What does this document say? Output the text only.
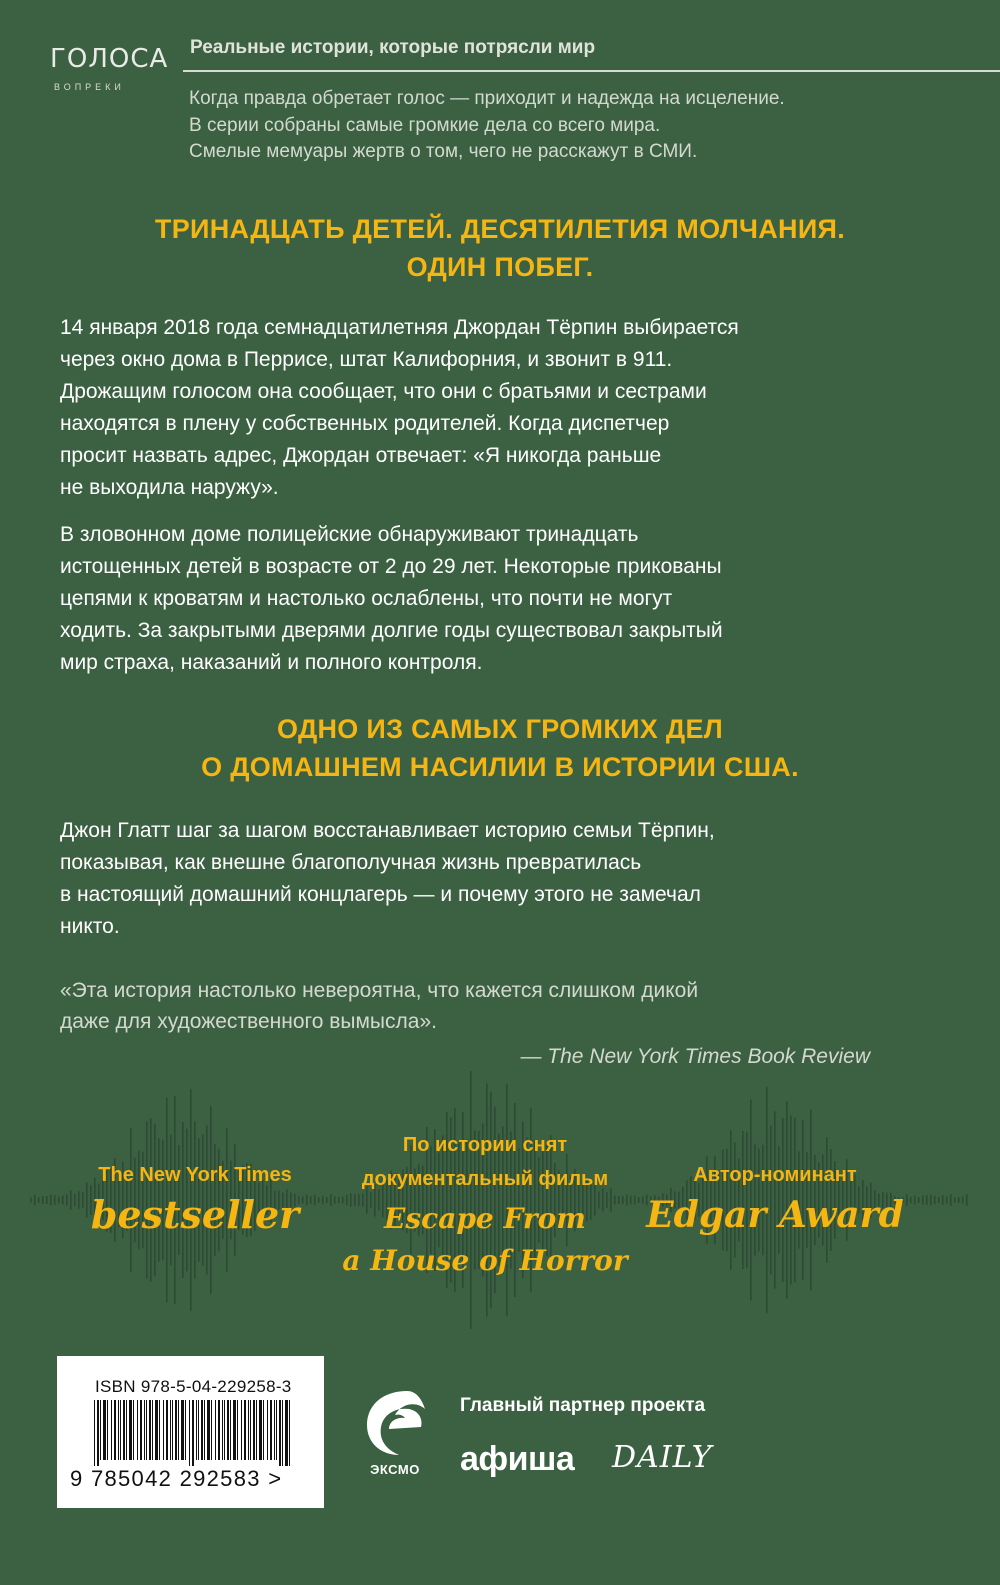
ГОЛОСА
ВОПРЕКИ
Реальные истории, которые потрясли мир
Когда правда обретает голос — приходит и надежда на исцеление.
В серии собраны самые громкие дела со всего мира.
Смелые мемуары жертв о том, чего не расскажут в СМИ.
ТРИНАДЦАТЬ ДЕТЕЙ. ДЕСЯТИЛЕТИЯ МОЛЧАНИЯ.
ОДИН ПОБЕГ.
14 января 2018 года семнадцатилетняя Джордан Тёрпин выбирается
через окно дома в Перрисе, штат Калифорния, и звонит в 911.
Дрожащим голосом она сообщает, что они с братьями и сестрами
находятся в плену у собственных родителей. Когда диспетчер
просит назвать адрес, Джордан отвечает: «Я никогда раньше
не выходила наружу».
В зловонном доме полицейские обнаруживают тринадцать
истощенных детей в возрасте от 2 до 29 лет. Некоторые прикованы
цепями к кроватям и настолько ослаблены, что почти не могут
ходить. За закрытыми дверями долгие годы существовал закрытый
мир страха, наказаний и полного контроля.
ОДНО ИЗ САМЫХ ГРОМКИХ ДЕЛ
О ДОМАШНЕМ НАСИЛИИ В ИСТОРИИ США.
Джон Глатт шаг за шагом восстанавливает историю семьи Тёрпин,
показывая, как внешне благополучная жизнь превратилась
в настоящий домашний концлагерь — и почему этого не замечал
никто.
«Эта история настолько невероятна, что кажется слишком дикой
даже для художественного вымысла».
— The New York Times Book Review
The New York Times
bestseller
По истории снят
документальный фильм
Escape From
a House of Horror
Автор-номинант
Edgar Award
ISBN 978-5-04-229258-3
9 785042 292583 >	ЭКСМО
Главный партнер проекта
афиша DAILY
